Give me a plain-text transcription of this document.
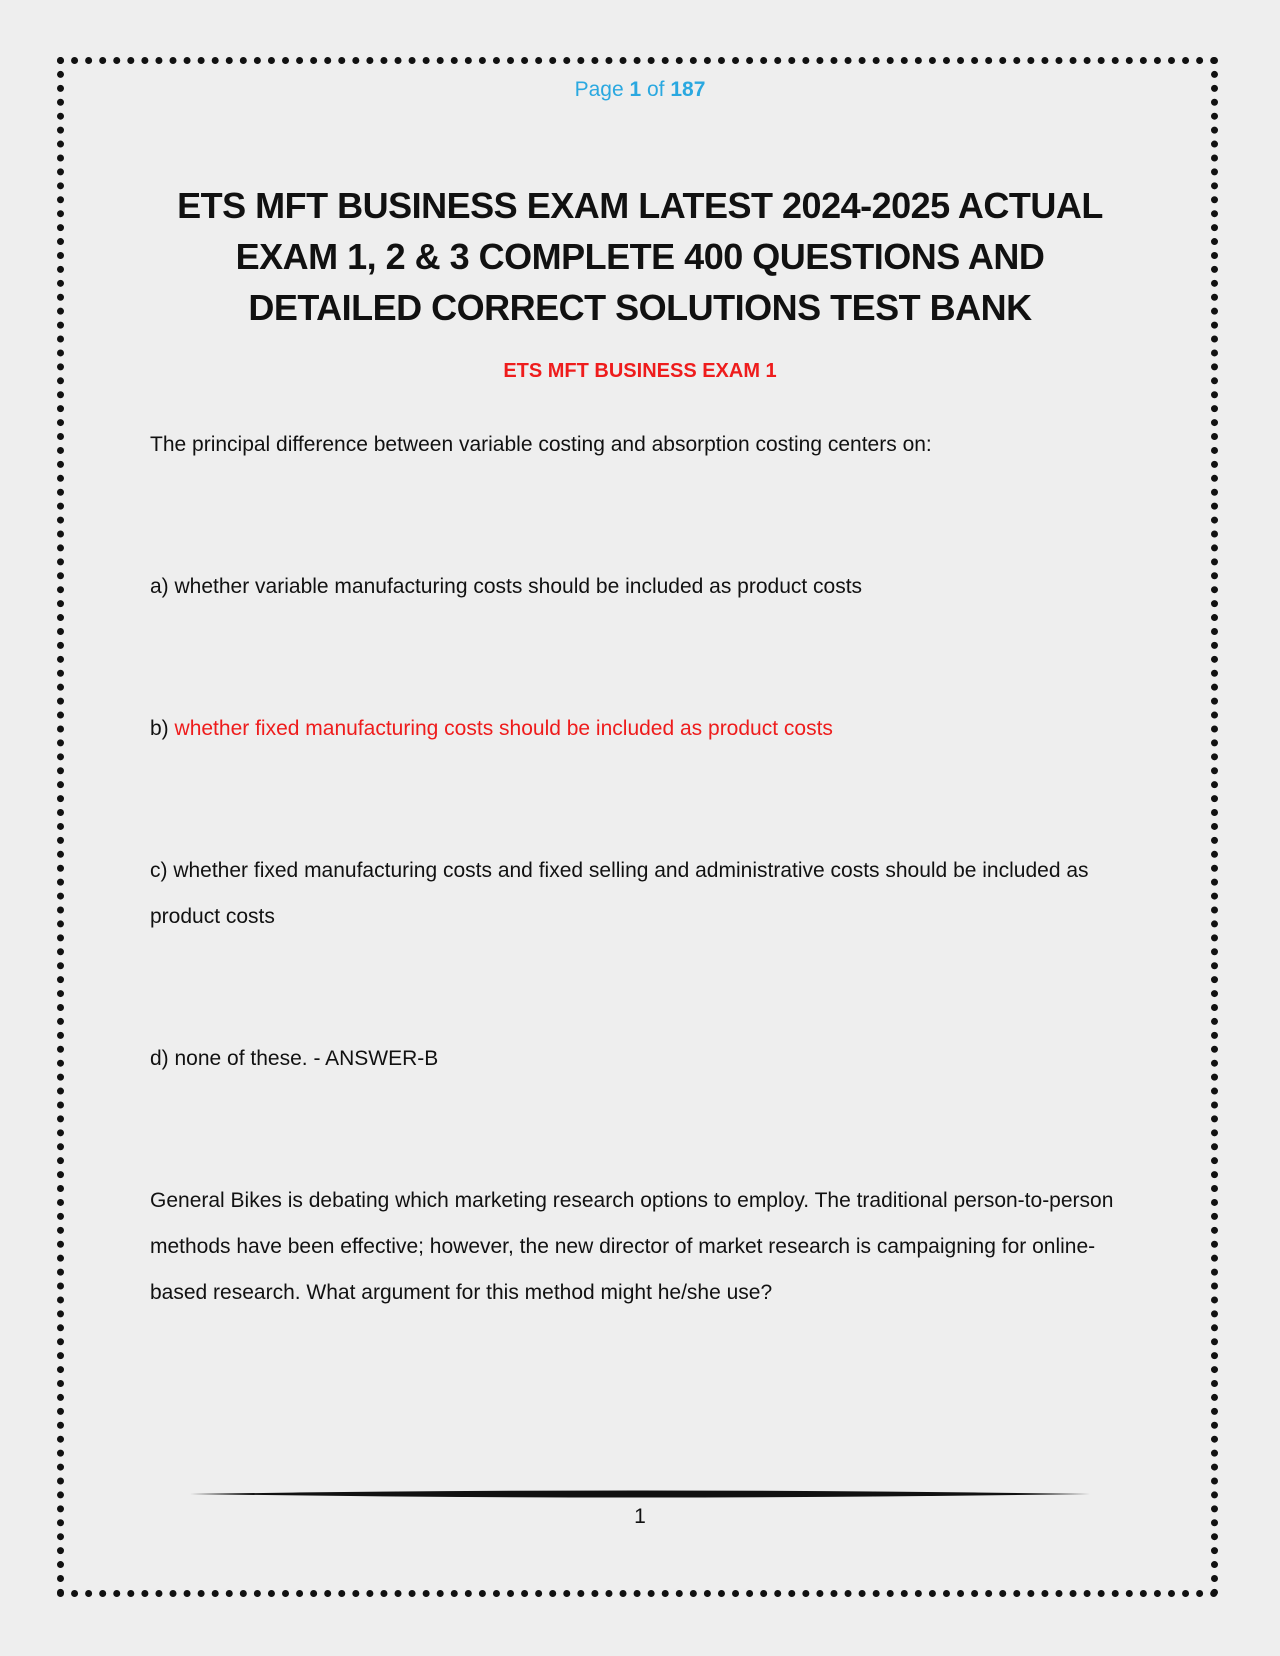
Page 1 of 187
ETS MFT BUSINESS EXAM LATEST 2024-2025 ACTUAL EXAM 1, 2 & 3 COMPLETE 400 QUESTIONS AND DETAILED CORRECT SOLUTIONS TEST BANK
ETS MFT BUSINESS EXAM 1

The principal difference between variable costing and absorption costing centers on:

a) whether variable manufacturing costs should be included as product costs

b) whether fixed manufacturing costs should be included as product costs

c) whether fixed manufacturing costs and fixed selling and administrative costs should be included as product costs

d) none of these. - ANSWER-B

General Bikes is debating which marketing research options to employ. The traditional person-to-person methods have been effective; however, the new director of market research is campaigning for online-based research. What argument for this method might he/she use?

1
